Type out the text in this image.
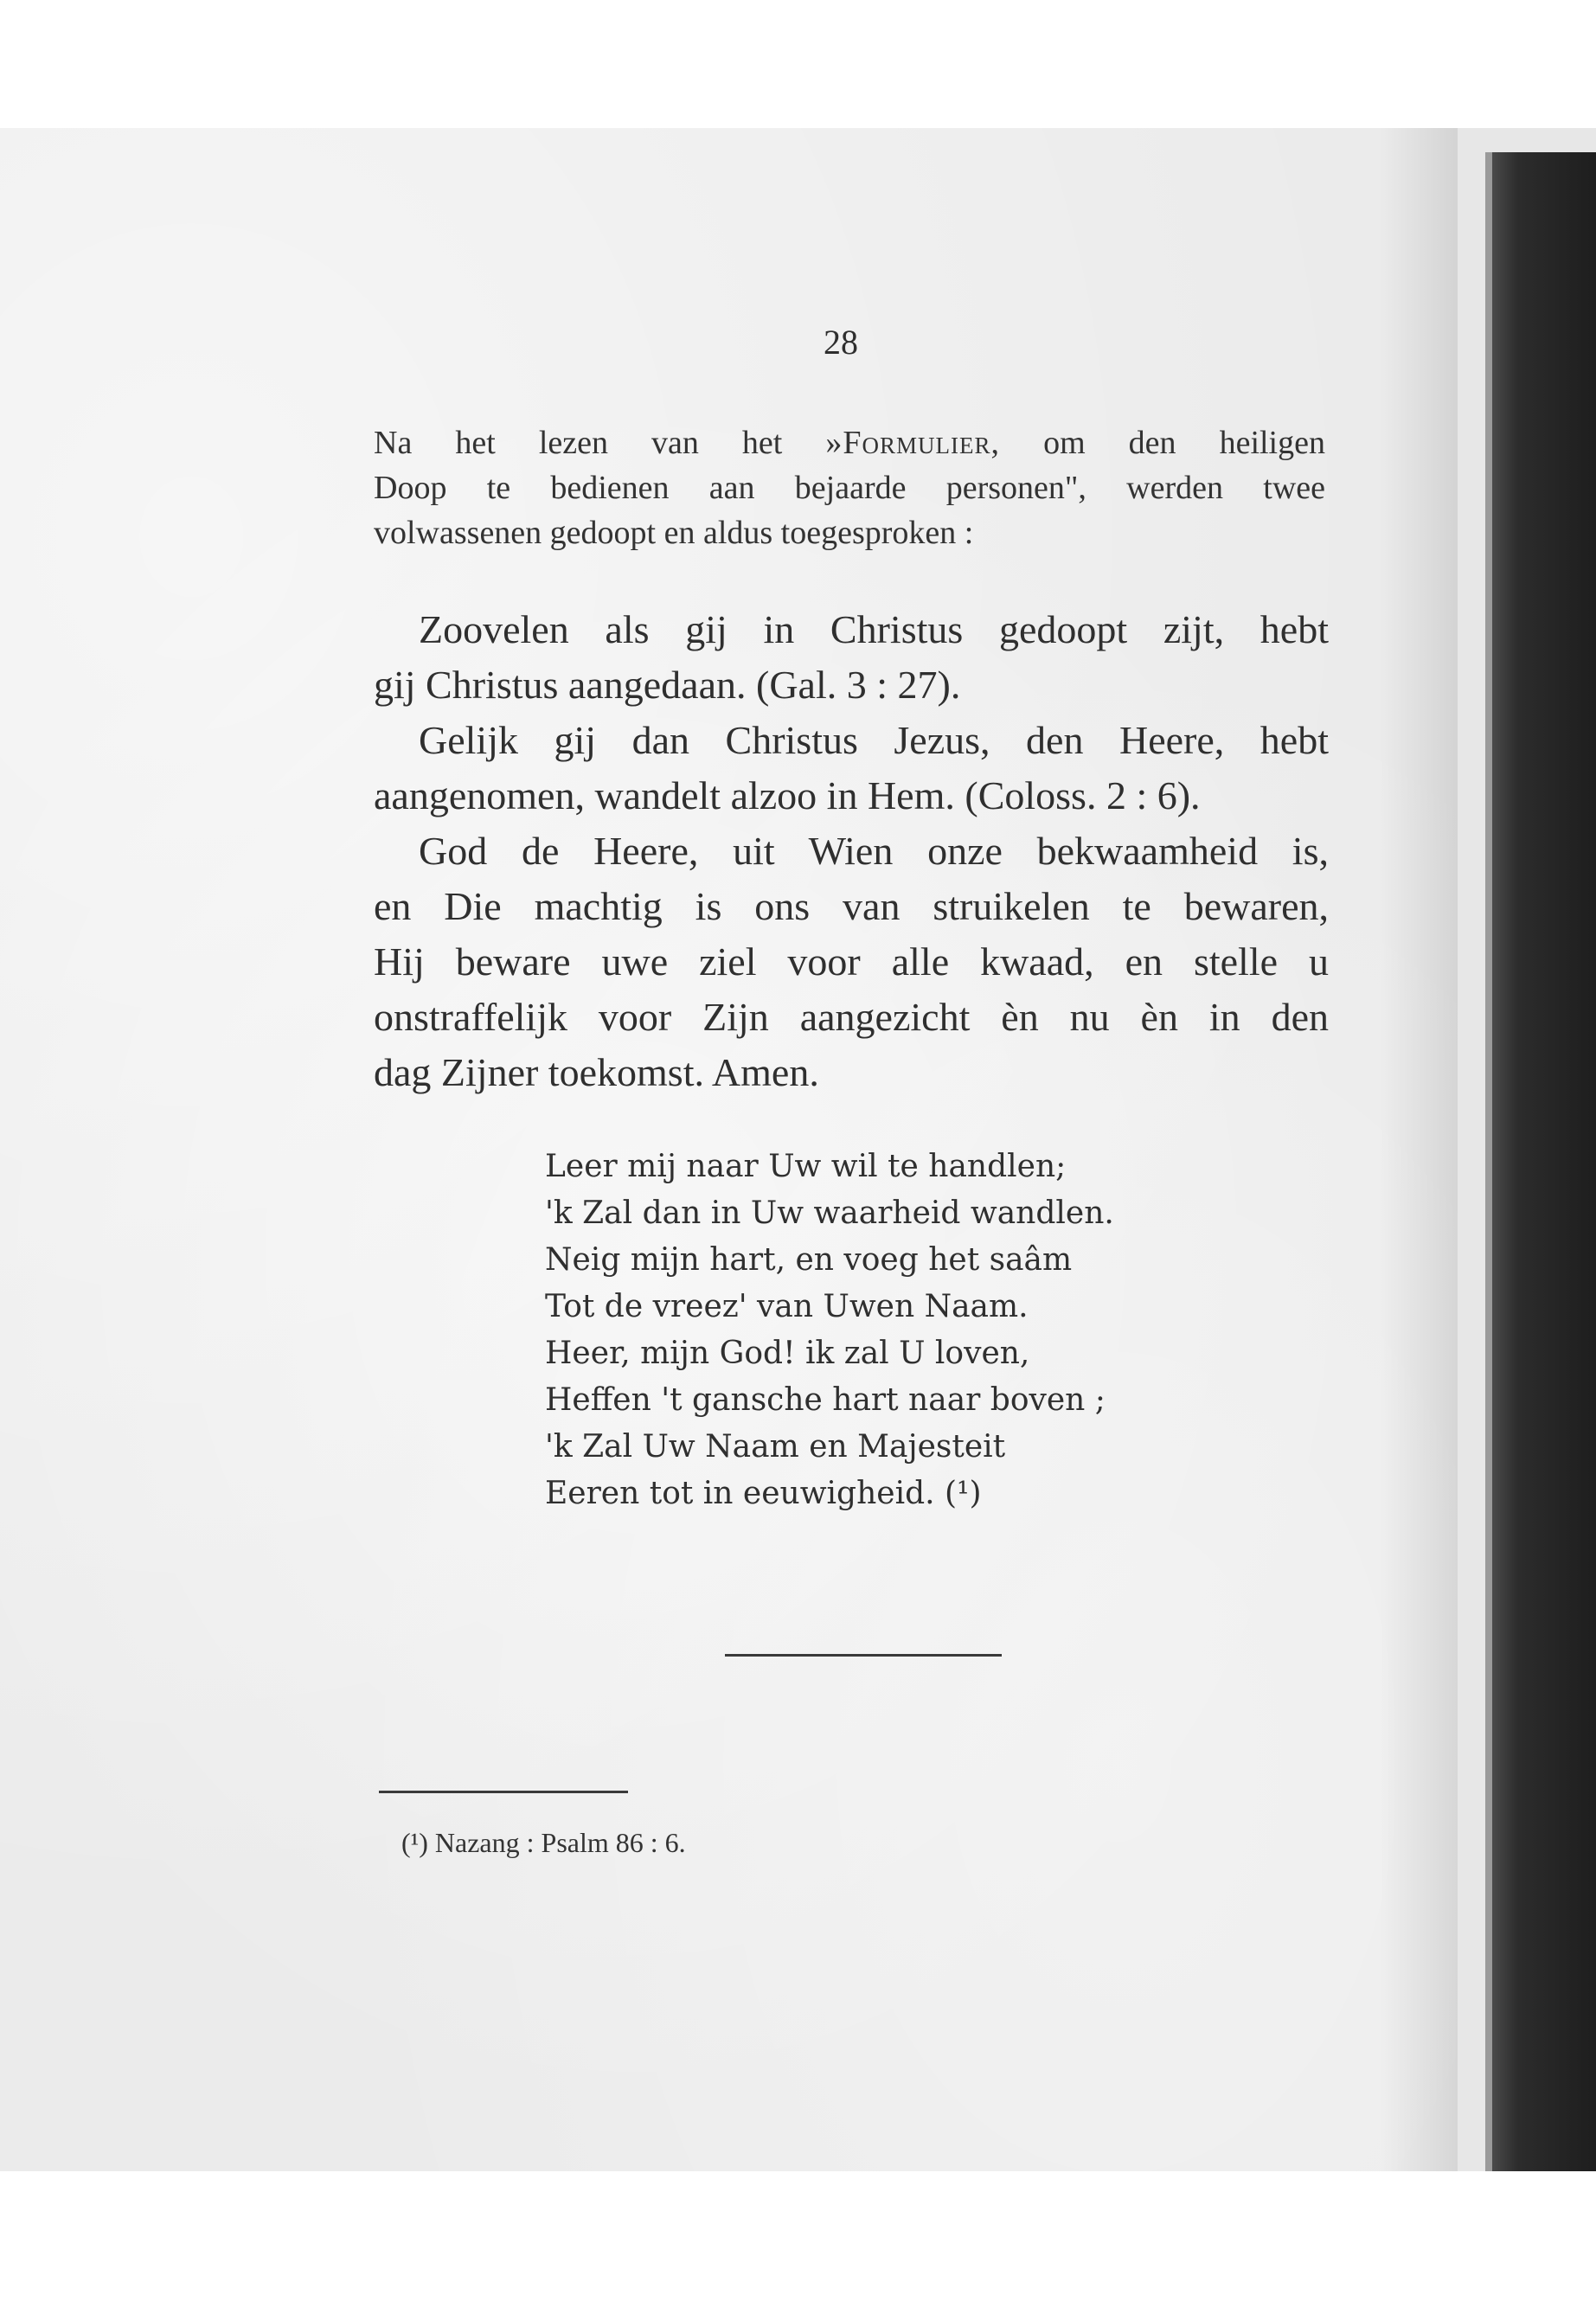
28
Na het lezen van het »Formulier, om den heiligen
Doop te bedienen aan bejaarde personen", werden twee
volwassenen gedoopt en aldus toegesproken :
Zoovelen als gij in Christus gedoopt zijt, hebt
gij Christus aangedaan. (Gal. 3 : 27).
Gelijk gij dan Christus Jezus, den Heere, hebt
aangenomen, wandelt alzoo in Hem. (Coloss. 2 : 6).
God de Heere, uit Wien onze bekwaamheid is,
en Die machtig is ons van struikelen te bewaren,
Hij beware uwe ziel voor alle kwaad, en stelle u
onstraffelijk voor Zijn aangezicht èn nu èn in den
dag Zijner toekomst. Amen.
Leer mij naar Uw wil te handlen;
'k Zal dan in Uw waarheid wandlen.
Neig mijn hart, en voeg het saâm
Tot de vreez' van Uwen Naam.
Heer, mijn God! ik zal U loven,
Heffen 't gansche hart naar boven ;
'k Zal Uw Naam en Majesteit
Eeren tot in eeuwigheid. (¹)
(¹) Nazang : Psalm 86 : 6.
